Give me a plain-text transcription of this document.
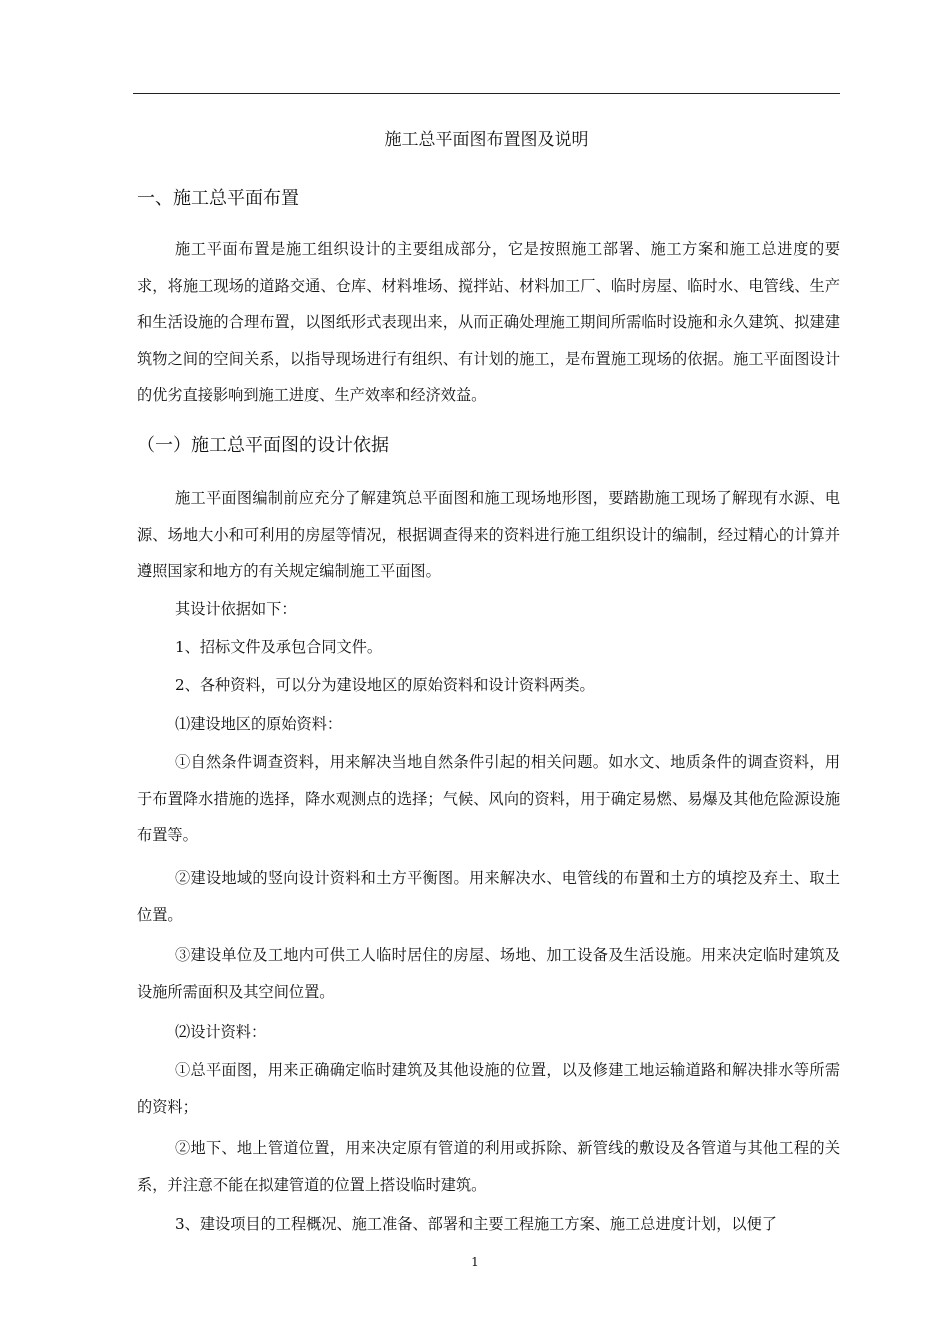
施工总平面图布置图及说明
一、施工总平面布置

施工平面布置是施工组织设计的主要组成部分，它是按照施工部署、施工方案和施工总进度的要求，将施工现场的道路交通、仓库、材料堆场、搅拌站、材料加工厂、临时房屋、临时水、电管线、生产和生活设施的合理布置，以图纸形式表现出来，从而正确处理施工期间所需临时设施和永久建筑、拟建建筑物之间的空间关系，以指导现场进行有组织、有计划的施工，是布置施工现场的依据。施工平面图设计的优劣直接影响到施工进度、生产效率和经济效益。

（一）施工总平面图的设计依据

施工平面图编制前应充分了解建筑总平面图和施工现场地形图，要踏勘施工现场了解现有水源、电源、场地大小和可利用的房屋等情况，根据调查得来的资料进行施工组织设计的编制，经过精心的计算并遵照国家和地方的有关规定编制施工平面图。

其设计依据如下：

1、招标文件及承包合同文件。

2、各种资料，可以分为建设地区的原始资料和设计资料两类。

⑴建设地区的原始资料：

①自然条件调查资料，用来解决当地自然条件引起的相关问题。如水文、地质条件的调查资料，用于布置降水措施的选择，降水观测点的选择；气候、风向的资料，用于确定易燃、易爆及其他危险源设施布置等。

②建设地域的竖向设计资料和土方平衡图。用来解决水、电管线的布置和土方的填挖及弃土、取土位置。

③建设单位及工地内可供工人临时居住的房屋、场地、加工设备及生活设施。用来决定临时建筑及设施所需面积及其空间位置。

⑵设计资料：

①总平面图，用来正确确定临时建筑及其他设施的位置，以及修建工地运输道路和解决排水等所需的资料；

②地下、地上管道位置，用来决定原有管道的利用或拆除、新管线的敷设及各管道与其他工程的关系，并注意不能在拟建管道的位置上搭设临时建筑。

3、建设项目的工程概况、施工准备、部署和主要工程施工方案、施工总进度计划，以便了

1
